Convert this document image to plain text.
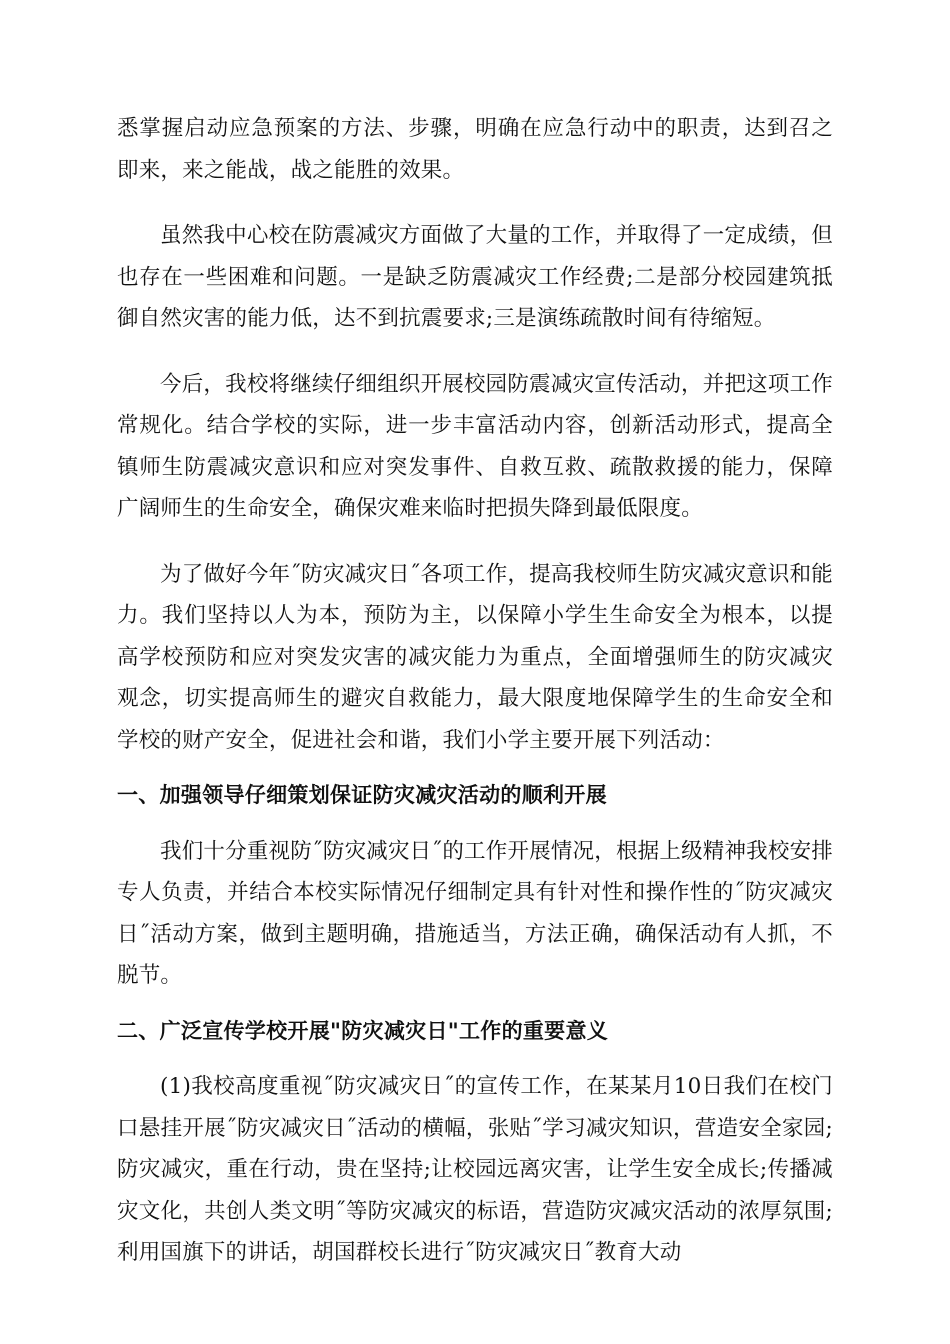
悉掌握启动应急预案的方法、步骤，明确在应急行动中的职责，达到召之即来，来之能战，战之能胜的效果。

虽然我中心校在防震减灾方面做了大量的工作，并取得了一定成绩，但也存在一些困难和问题。一是缺乏防震减灾工作经费;二是部分校园建筑抵御自然灾害的能力低，达不到抗震要求;三是演练疏散时间有待缩短。

今后，我校将继续仔细组织开展校园防震减灾宣传活动，并把这项工作常规化。结合学校的实际，进一步丰富活动内容，创新活动形式，提高全镇师生防震减灾意识和应对突发事件、自救互救、疏散救援的能力，保障广阔师生的生命安全，确保灾难来临时把损失降到最低限度。

为了做好今年˝防灾减灾日˝各项工作，提高我校师生防灾减灾意识和能力。我们坚持以人为本，预防为主，以保障小学生生命安全为根本，以提高学校预防和应对突发灾害的减灾能力为重点，全面增强师生的防灾减灾观念，切实提高师生的避灾自救能力，最大限度地保障学生的生命安全和学校的财产安全，促进社会和谐，我们小学主要开展下列活动：

一、加强领导仔细策划保证防灾减灾活动的顺利开展

我们十分重视防˝防灾减灾日˝的工作开展情况，根据上级精神我校安排专人负责，并结合本校实际情况仔细制定具有针对性和操作性的˝防灾减灾日˝活动方案，做到主题明确，措施适当，方法正确，确保活动有人抓，不脱节。

二、广泛宣传学校开展"防灾减灾日"工作的重要意义

(1)我校高度重视˝防灾减灾日˝的宣传工作，在某某月10日我们在校门口悬挂开展˝防灾减灾日˝活动的横幅，张贴˝学习减灾知识，营造安全家园;防灾减灾，重在行动，贵在坚持;让校园远离灾害，让学生安全成长;传播减灾文化，共创人类文明˝等防灾减灾的标语，营造防灾减灾活动的浓厚氛围;利用国旗下的讲话，胡国群校长进行˝防灾减灾日˝教育大动
